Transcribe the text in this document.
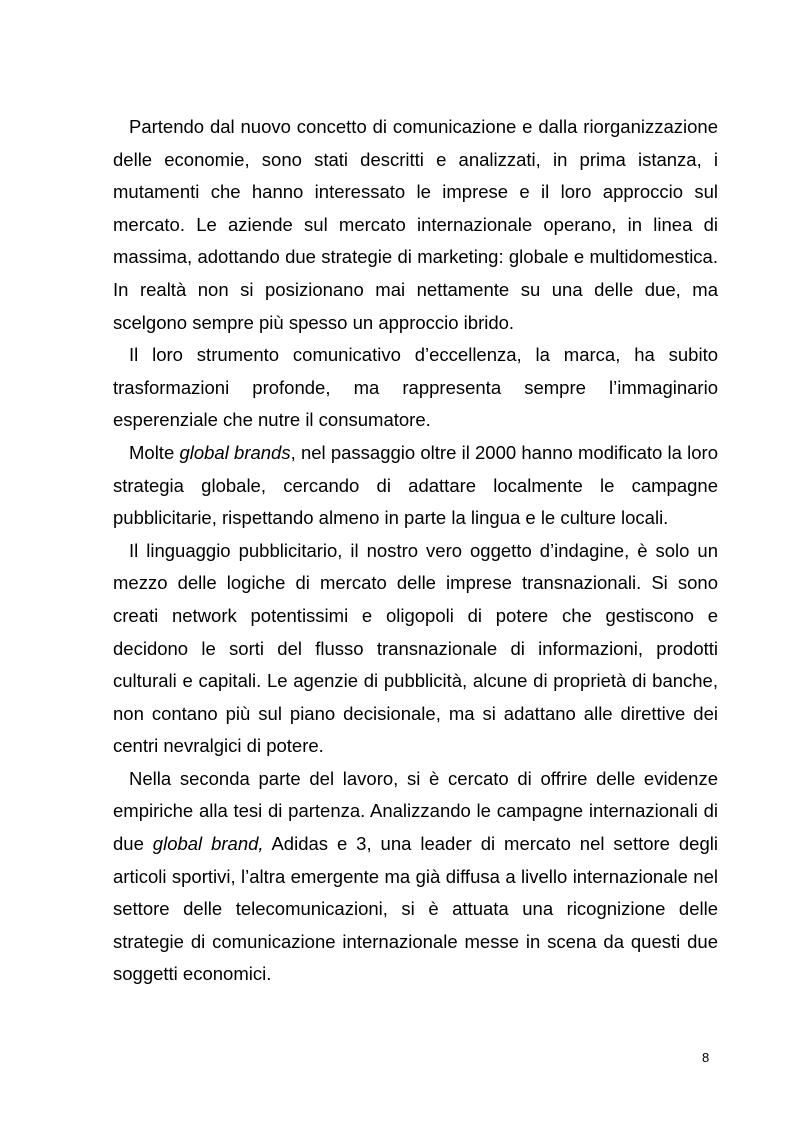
Partendo dal nuovo concetto di comunicazione e dalla riorganizzazione delle economie, sono stati descritti e analizzati, in prima istanza, i mutamenti che hanno interessato le imprese e il loro approccio sul mercato. Le aziende sul mercato internazionale operano, in linea di massima, adottando due strategie di marketing: globale e multidomestica. In realtà non si posizionano mai nettamente su una delle due, ma scelgono sempre più spesso un approccio ibrido.

Il loro strumento comunicativo d’eccellenza, la marca, ha subito trasformazioni profonde, ma rappresenta sempre l’immaginario esperenziale che nutre il consumatore.

Molte global brands, nel passaggio oltre il 2000 hanno modificato la loro strategia globale, cercando di adattare localmente le campagne pubblicitarie, rispettando almeno in parte la lingua e le culture locali.

Il linguaggio pubblicitario, il nostro vero oggetto d’indagine, è solo un mezzo delle logiche di mercato delle imprese transnazionali. Si sono creati network potentissimi e oligopoli di potere che gestiscono e decidono le sorti del flusso transnazionale di informazioni, prodotti culturali e capitali. Le agenzie di pubblicità, alcune di proprietà di banche, non contano più sul piano decisionale, ma si adattano alle direttive dei centri nevralgici di potere.

Nella seconda parte del lavoro, si è cercato di offrire delle evidenze empiriche alla tesi di partenza. Analizzando le campagne internazionali di due global brand, Adidas e 3, una leader di mercato nel settore degli articoli sportivi, l’altra emergente ma già diffusa a livello internazionale nel settore delle telecomunicazioni, si è attuata una ricognizione delle strategie di comunicazione internazionale messe in scena da questi due soggetti economici.

8
